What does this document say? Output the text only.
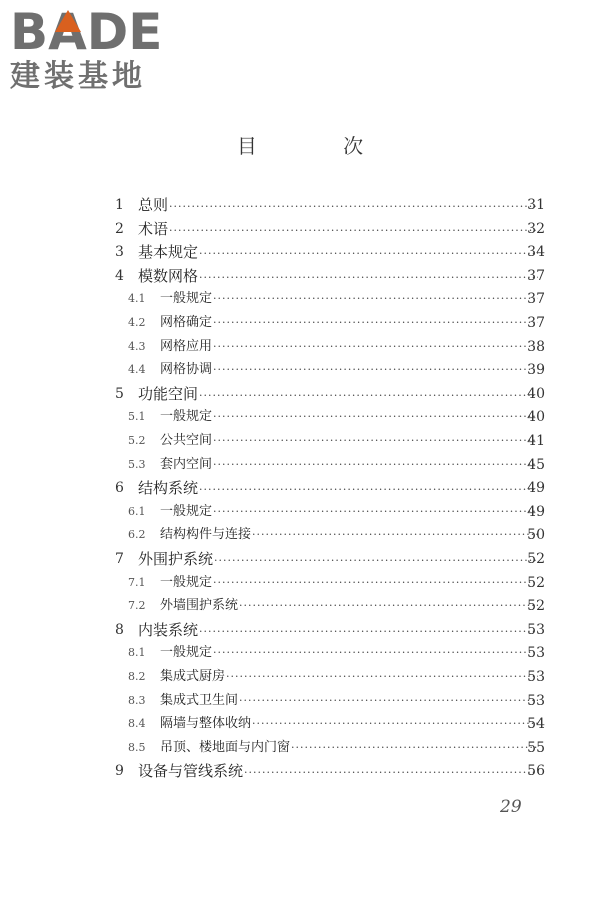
BADE
建装基地
目 次
1 总则 ·····	31
2 术语 ·····	32
3 基本规定 ·····	34
4 模数网格 ·····	37
4.1 一般规定 ·····	37
4.2 网格确定 ·····	37
4.3 网格应用 ·····	38
4.4 网格协调 ·····	39
5 功能空间 ·····	40
5.1 一般规定 ·····	40
5.2 公共空间 ·····	41
5.3 套内空间 ·····	45
6 结构系统 ·····	49
6.1 一般规定 ·····	49
6.2 结构构件与连接 ·····	50
7 外围护系统 ·····	52
7.1 一般规定 ·····	52
7.2 外墙围护系统 ·····	52
8 内装系统 ·····	53
8.1 一般规定 ·····	53
8.2 集成式厨房 ·····	53
8.3 集成式卫生间 ·····	53
8.4 隔墙与整体收纳 ·····	54
8.5 吊顶、楼地面与内门窗 ·····	55
9 设备与管线系统 ·····	56
29
